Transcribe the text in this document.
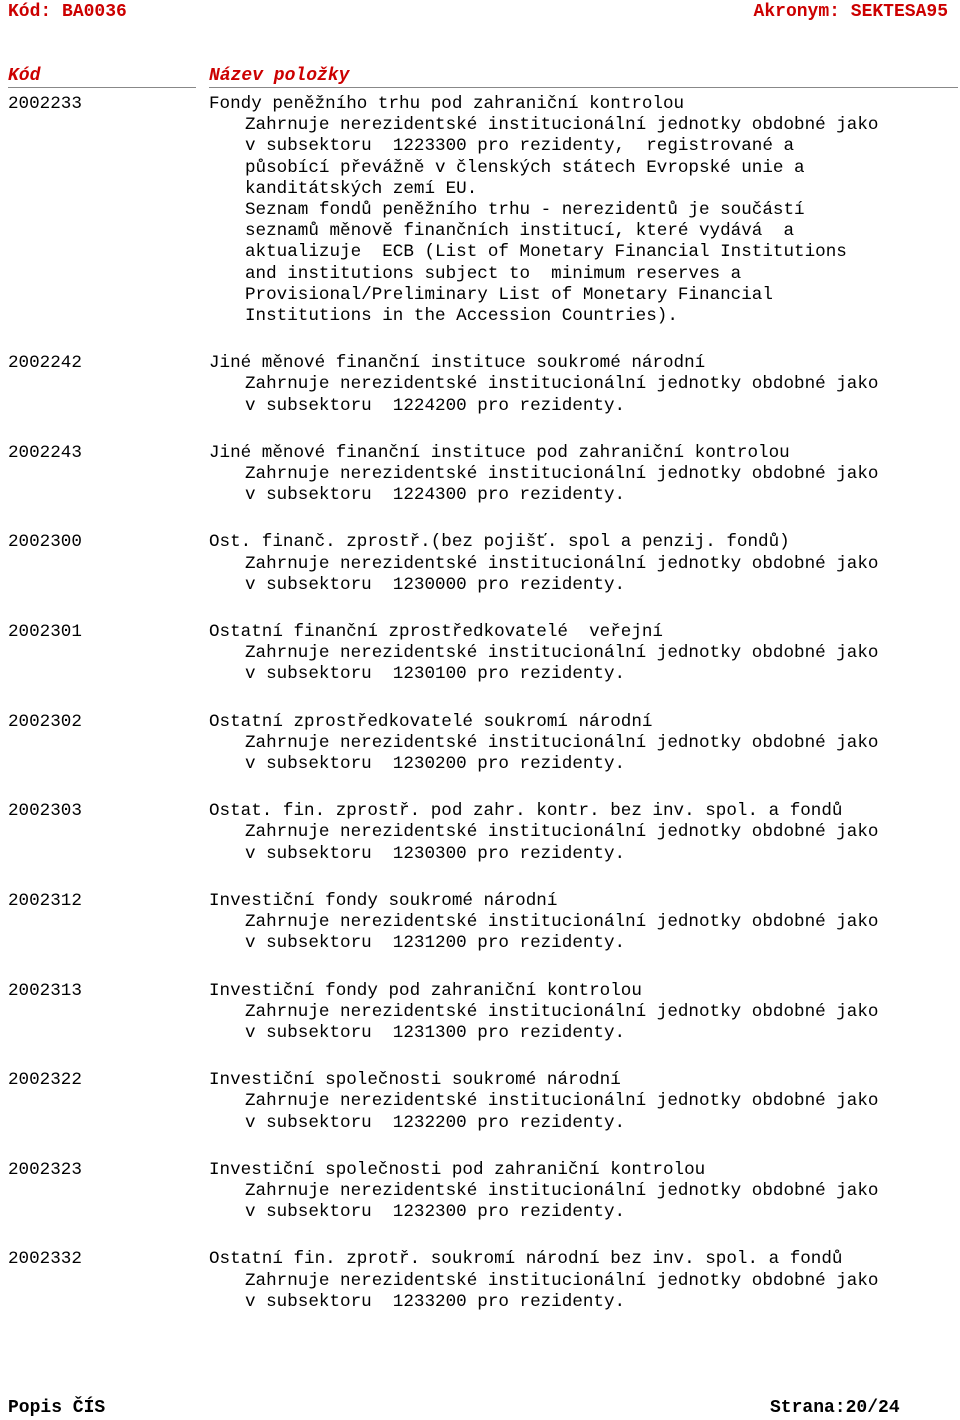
Kód: BA0036	Akronym: SEKTESA95
Kód	Název položky
2002233	Fondy peněžního trhu pod zahraniční kontrolou
Zahrnuje nerezidentské institucionální jednotky obdobné jako
v subsektoru  1223300 pro rezidenty,  registrované a
působící převážně v členských státech Evropské unie a
kanditátských zemí EU.
Seznam fondů peněžního trhu - nerezidentů je součástí
seznamů měnově finančních institucí, které vydává  a
aktualizuje  ECB (List of Monetary Financial Institutions
and institutions subject to  minimum reserves a
Provisional/Preliminary List of Monetary Financial
Institutions in the Accession Countries).
2002242	Jiné měnové finanční instituce soukromé národní
Zahrnuje nerezidentské institucionální jednotky obdobné jako
v subsektoru  1224200 pro rezidenty.
2002243	Jiné měnové finanční instituce pod zahraniční kontrolou
Zahrnuje nerezidentské institucionální jednotky obdobné jako
v subsektoru  1224300 pro rezidenty.
2002300	Ost. finanč. zprostř.(bez pojišť. spol a penzij. fondů)
Zahrnuje nerezidentské institucionální jednotky obdobné jako
v subsektoru  1230000 pro rezidenty.
2002301	Ostatní finanční zprostředkovatelé  veřejní
Zahrnuje nerezidentské institucionální jednotky obdobné jako
v subsektoru  1230100 pro rezidenty.
2002302	Ostatní zprostředkovatelé soukromí národní
Zahrnuje nerezidentské institucionální jednotky obdobné jako
v subsektoru  1230200 pro rezidenty.
2002303	Ostat. fin. zprostř. pod zahr. kontr. bez inv. spol. a fondů
Zahrnuje nerezidentské institucionální jednotky obdobné jako
v subsektoru  1230300 pro rezidenty.
2002312	Investiční fondy soukromé národní
Zahrnuje nerezidentské institucionální jednotky obdobné jako
v subsektoru  1231200 pro rezidenty.
2002313	Investiční fondy pod zahraniční kontrolou
Zahrnuje nerezidentské institucionální jednotky obdobné jako
v subsektoru  1231300 pro rezidenty.
2002322	Investiční společnosti soukromé národní
Zahrnuje nerezidentské institucionální jednotky obdobné jako
v subsektoru  1232200 pro rezidenty.
2002323	Investiční společnosti pod zahraniční kontrolou
Zahrnuje nerezidentské institucionální jednotky obdobné jako
v subsektoru  1232300 pro rezidenty.
2002332	Ostatní fin. zprotř. soukromí národní bez inv. spol. a fondů
Zahrnuje nerezidentské institucionální jednotky obdobné jako
v subsektoru  1233200 pro rezidenty.
Popis ČÍS	Strana:20/24
